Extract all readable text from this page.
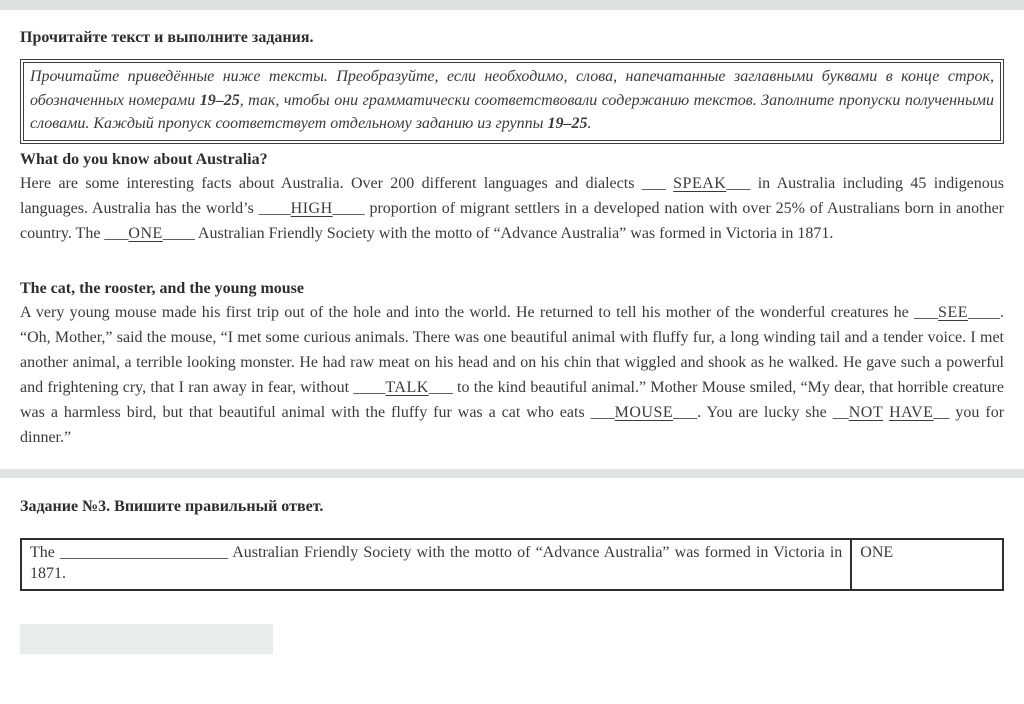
Прочитайте текст и выполните задания.

Прочитайте приведённые ниже тексты. Преобразуйте, если необходимо, слова, напечатанные заглавными буквами в конце строк, обозначенных номерами 19–25, так, чтобы они грамматически соответствовали содержанию текстов. Заполните пропуски полученными словами. Каждый пропуск соответствует отдельному заданию из группы 19–25.

What do you know about Australia?

Here are some interesting facts about Australia. Over 200 different languages and dialects ___ SPEAK___ in Australia including 45 indigenous languages. Australia has the world’s ____HIGH____ proportion of migrant settlers in a developed nation with over 25% of Australians born in another country. The ___ONE____ Australian Friendly Society with the motto of “Advance Australia” was formed in Victoria in 1871.

The cat, the rooster, and the young mouse

A very young mouse made his first trip out of the hole and into the world. He returned to tell his mother of the wonderful creatures he ___SEE____. “Oh, Mother,” said the mouse, “I met some curious animals. There was one beautiful animal with fluffy fur, a long winding tail and a tender voice. I met another animal, a terrible looking monster. He had raw meat on his head and on his chin that wiggled and shook as he walked. He gave such a powerful and frightening cry, that I ran away in fear, without ____TALK___ to the kind beautiful animal.” Mother Mouse smiled, “My dear, that horrible creature was a harmless bird, but that beautiful animal with the fluffy fur was a cat who eats ___MOUSE___. You are lucky she __NOT HAVE__ you for dinner.”

Задание №3. Впишите правильный ответ.
The _____________________ Australian Friendly Society with the motto of “Advance Australia” was formed in Victoria in 1871.	ONE
